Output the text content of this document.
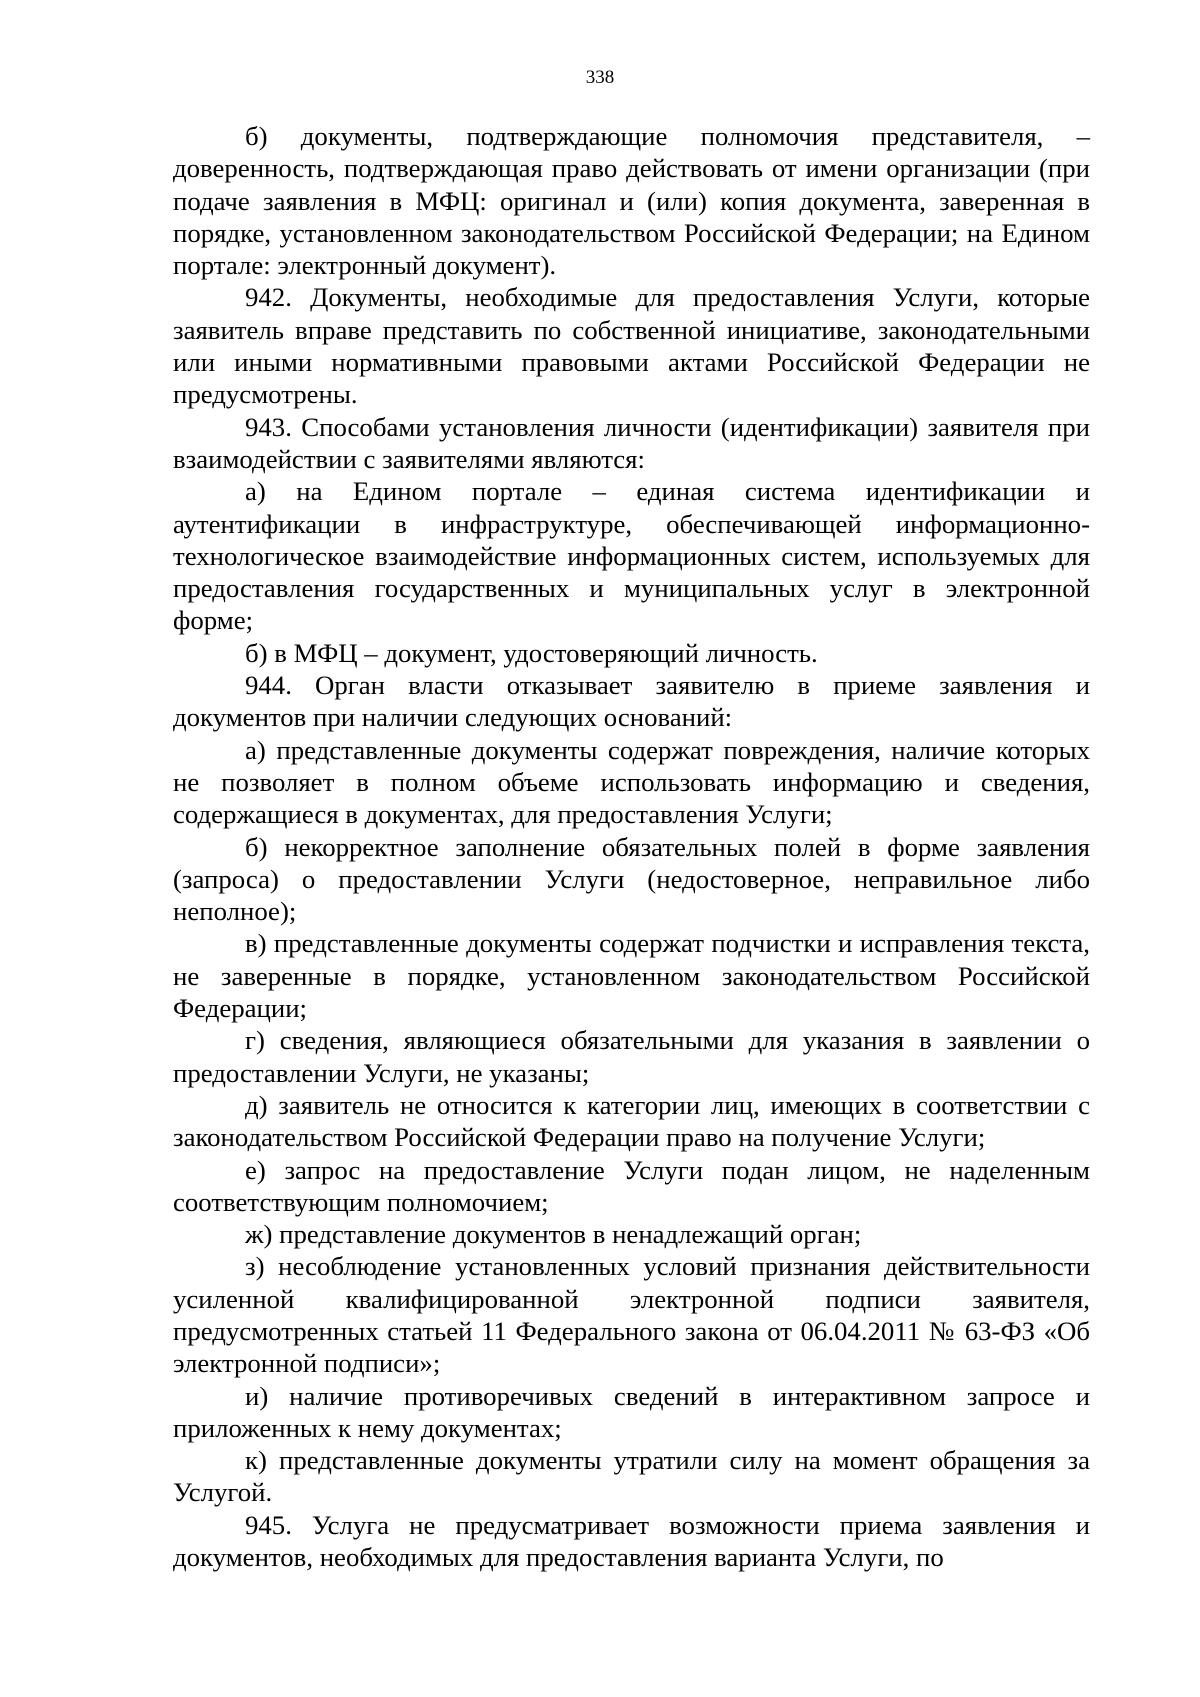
338

б) документы, подтверждающие полномочия представителя, – доверенность, подтверждающая право действовать от имени организации (при подаче заявления в МФЦ: оригинал и (или) копия документа, заверенная в порядке, установленном законодательством Российской Федерации; на Едином портале: электронный документ).

942. Документы, необходимые для предоставления Услуги, которые заявитель вправе представить по собственной инициативе, законодательными или иными нормативными правовыми актами Российской Федерации не предусмотрены.

943. Способами установления личности (идентификации) заявителя при взаимодействии с заявителями являются:

а) на Едином портале – единая система идентификации и аутентификации в инфраструктуре, обеспечивающей информационно-технологическое взаимодействие информационных систем, используемых для предоставления государственных и муниципальных услуг в электронной форме;

б) в МФЦ – документ, удостоверяющий личность.

944. Орган власти отказывает заявителю в приеме заявления и документов при наличии следующих оснований:

а) представленные документы содержат повреждения, наличие которых не позволяет в полном объеме использовать информацию и сведения, содержащиеся в документах, для предоставления Услуги;

б) некорректное заполнение обязательных полей в форме заявления (запроса) о предоставлении Услуги (недостоверное, неправильное либо неполное);

в) представленные документы содержат подчистки и исправления текста, не заверенные в порядке, установленном законодательством Российской Федерации;

г) сведения, являющиеся обязательными для указания в заявлении о предоставлении Услуги, не указаны;

д) заявитель не относится к категории лиц, имеющих в соответствии с законодательством Российской Федерации право на получение Услуги;

е) запрос на предоставление Услуги подан лицом, не наделенным соответствующим полномочием;

ж) представление документов в ненадлежащий орган;

з) несоблюдение установленных условий признания действительности усиленной квалифицированной электронной подписи заявителя, предусмотренных статьей 11 Федерального закона от 06.04.2011 № 63-ФЗ «Об электронной подписи»;

и) наличие противоречивых сведений в интерактивном запросе и приложенных к нему документах;

к) представленные документы утратили силу на момент обращения за Услугой.

945. Услуга не предусматривает возможности приема заявления и документов, необходимых для предоставления варианта Услуги, по
